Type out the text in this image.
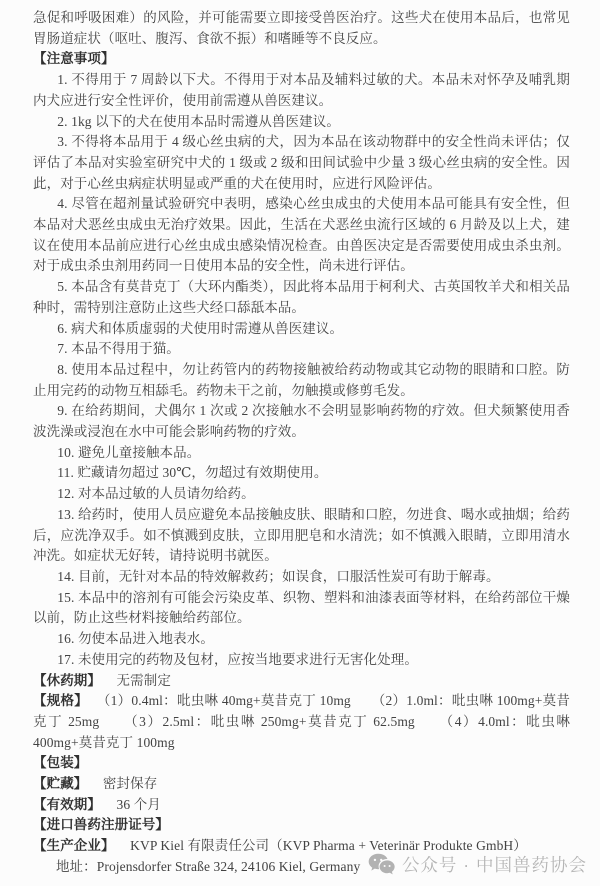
急促和呼吸困难）的风险，并可能需要立即接受兽医治疗。这些犬在使用本品后，也常见胃肠道症状（呕吐、腹泻、食欲不振）和嗜睡等不良反应。

【注意事项】

1. 不得用于 7 周龄以下犬。不得用于对本品及辅料过敏的犬。本品未对怀孕及哺乳期内犬应进行安全性评价，使用前需遵从兽医建议。

2. 1kg 以下的犬在使用本品时需遵从兽医建议。

3. 不得将本品用于 4 级心丝虫病的犬，因为本品在该动物群中的安全性尚未评估；仅评估了本品对实验室研究中犬的 1 级或 2 级和田间试验中少量 3 级心丝虫病的安全性。因此，对于心丝虫病症状明显或严重的犬在使用时，应进行风险评估。

4. 尽管在超剂量试验研究中表明，感染心丝虫成虫的犬使用本品可能具有安全性，但本品对犬恶丝虫成虫无治疗效果。因此，生活在犬恶丝虫流行区域的 6 月龄及以上犬，建议在使用本品前应进行心丝虫成虫感染情况检查。由兽医决定是否需要使用成虫杀虫剂。对于成虫杀虫剂用药同一日使用本品的安全性，尚未进行评估。

5. 本品含有莫昔克丁（大环内酯类），因此将本品用于柯利犬、古英国牧羊犬和相关品种时，需特别注意防止这些犬经口舔舐本品。

6. 病犬和体质虚弱的犬使用时需遵从兽医建议。

7. 本品不得用于猫。

8. 使用本品过程中，勿让药管内的药物接触被给药动物或其它动物的眼睛和口腔。防止用完药的动物互相舔毛。药物未干之前，勿触摸或修剪毛发。

9. 在给药期间，犬偶尔 1 次或 2 次接触水不会明显影响药物的疗效。但犬频繁使用香波洗澡或浸泡在水中可能会影响药物的疗效。

10. 避免儿童接触本品。

11. 贮藏请勿超过 30℃，勿超过有效期使用。

12. 对本品过敏的人员请勿给药。

13. 给药时，使用人员应避免本品接触皮肤、眼睛和口腔，勿进食、喝水或抽烟；给药后，应洗净双手。如不慎溅到皮肤，立即用肥皂和水清洗；如不慎溅入眼睛，立即用清水冲洗。如症状无好转，请持说明书就医。

14. 目前，无针对本品的特效解救药；如误食，口服活性炭可有助于解毒。

15. 本品中的溶剂有可能会污染皮革、织物、塑料和油漆表面等材料，在给药部位干燥以前，防止这些材料接触给药部位。

16. 勿使本品进入地表水。

17. 未使用完的药物及包材，应按当地要求进行无害化处理。

【休药期】 无需制定

【规格】 （1）0.4ml：吡虫啉 40mg+莫昔克丁 10mg　　（2）1.0ml：吡虫啉 100mg+莫昔克丁 25mg　　（3）2.5ml：吡虫啉 250mg+莫昔克丁 62.5mg　　（4）4.0ml：吡虫啉 400mg+莫昔克丁 100mg

【包装】

【贮藏】 密封保存

【有效期】 36 个月

【进口兽药注册证号】

【生产企业】 KVP Kiel 有限责任公司（KVP Pharma + Veterinär Produkte GmbH）

地址：Projensdorfer Straße 324, 24106 Kiel, Germany	公众号 · 中国兽药协会
